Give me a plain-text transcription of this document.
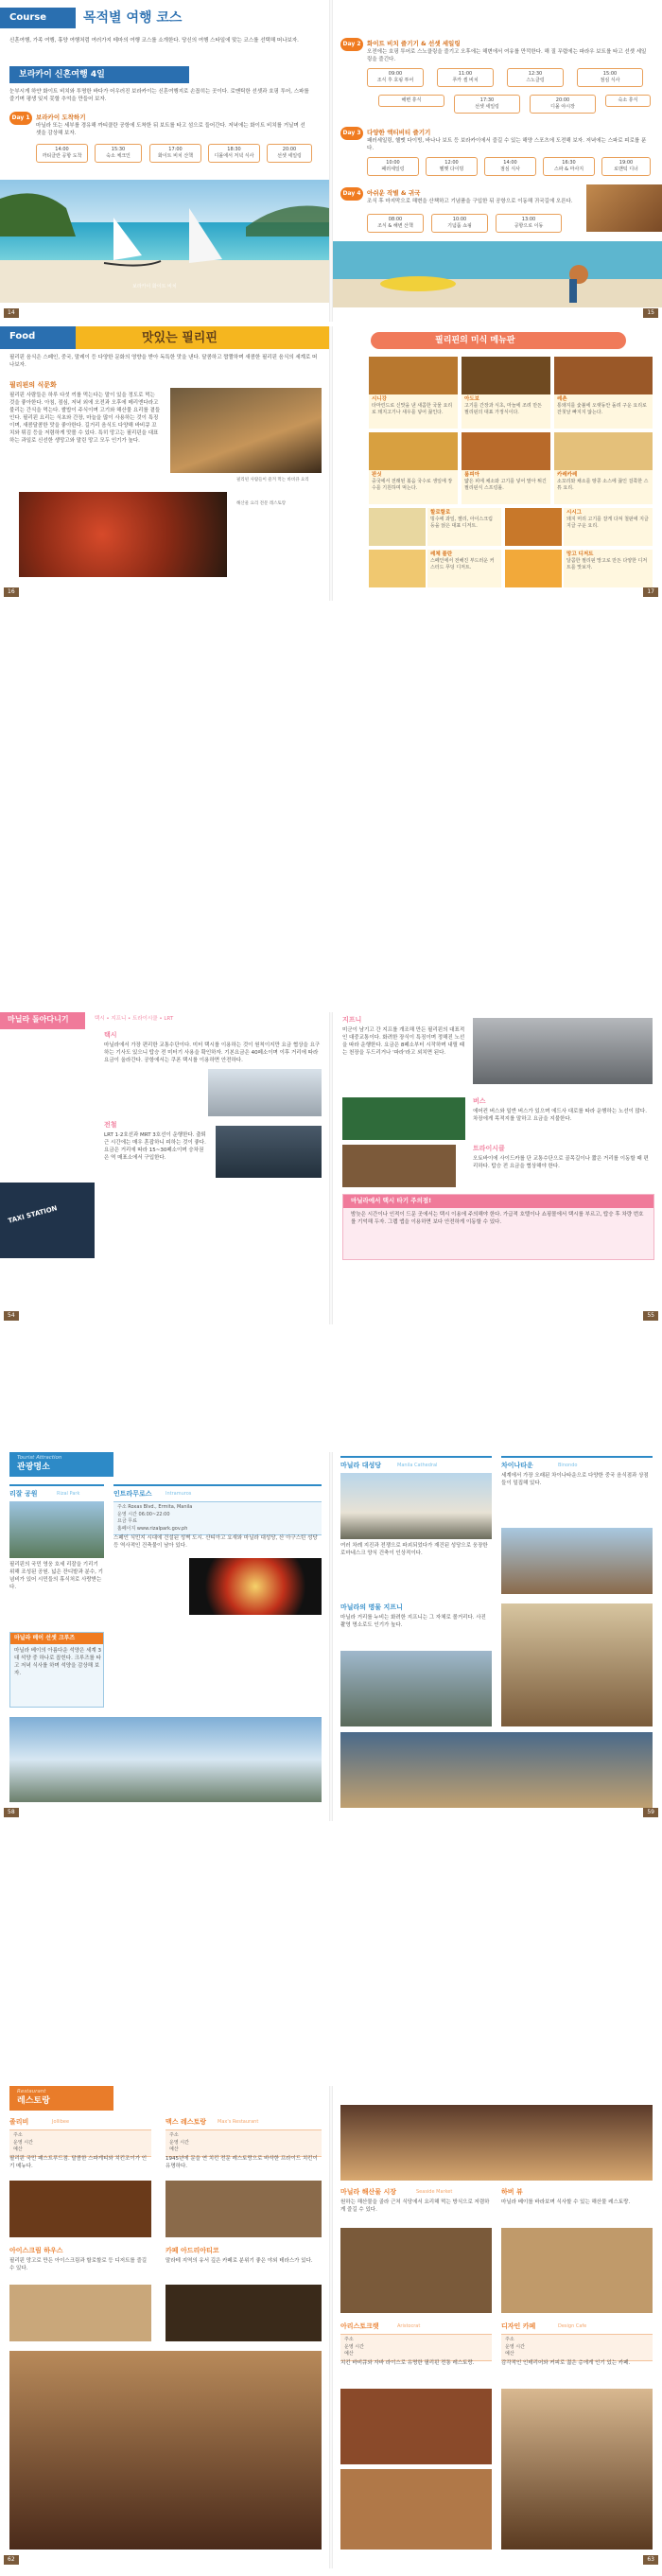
Course	목적별 여행 코스
신혼여행, 가족 여행, 휴양 여행처럼 여러가지 테마의 여행 코스를 소개한다. 당신의 여행 스타일에 맞는 코스를 선택해 떠나보자.
보라카이 신혼여행 4일
눈부시게 하얀 화이트 비치와 투명한 바다가 어우러진 보라카이는 신혼여행지로 손꼽히는 곳이다. 로맨틱한 선셋과 호핑 투어, 스파를 즐기며 평생 잊지 못할 추억을 만들어 보자.
Day 1 보라카이 도착하기
마닐라 또는 세부를 경유해 까티클란 공항에 도착한 뒤 보트를 타고 섬으로 들어간다. 저녁에는 화이트 비치를 거닐며 선셋을 감상해 보자.
14:00
까티클란 공항 도착
15:30
숙소 체크인
17:00
화이트 비치 산책
18:30
디몰에서 저녁 식사
20:00
선셋 세일링
보라카이 화이트 비치
14
Day 2 화이트 비치 즐기기 & 선셋 세일링
오전에는 호핑 투어로 스노클링을 즐기고 오후에는 해변에서 여유를 만끽한다. 해 질 무렵에는 파라우 보트를 타고 선셋 세일링을 즐긴다.
09:00
조식 후 호핑 투어
11:00
푸카 셸 비치
12:30
스노클링
15:00
점심 식사
해변 휴식	17:30
선셋 세일링
20:00
디몰 야시장
숙소 휴식
Day 3 다양한 액티비티 즐기기
패러세일링, 헬멧 다이빙, 바나나 보트 등 보라카이에서 즐길 수 있는 해양 스포츠에 도전해 보자. 저녁에는 스파로 피로를 푼다.
10:00
패러세일링
12:00
헬멧 다이빙
14:00
점심 식사
16:30
스파 & 마사지
19:00
로맨틱 디너
Day 4 아쉬운 작별 & 귀국
조식 후 마지막으로 해변을 산책하고 기념품을 구입한 뒤 공항으로 이동해 귀국길에 오른다.
08:00
조식 & 해변 산책
10:00
기념품 쇼핑
13:00
공항으로 이동
15
Food	맛있는 필리핀
필리핀 음식은 스페인, 중국, 말레이 등 다양한 문화의 영향을 받아 독특한 맛을 낸다. 달콤하고 짭짤하며 새콤한 필리핀 음식의 세계로 떠나보자.
필리핀의 식문화
필리핀 사람들은 하루 다섯 끼를 먹는다는 말이 있을 정도로 먹는 것을 좋아한다. 아침, 점심, 저녁 외에 오전과 오후에 메리엔다라고 불리는 간식을 먹는다. 쌀밥이 주식이며 고기와 해산물 요리를 곁들인다. 필리핀 요리는 식초와 간장, 마늘을 많이 사용하는 것이 특징이며, 새콤달콤한 맛을 좋아한다. 길거리 음식도 다양해 바비큐 꼬치와 튀김 등을 저렴하게 맛볼 수 있다. 특히 망고는 필리핀을 대표하는 과일로 신선한 생망고와 말린 망고 모두 인기가 높다.
필리핀 사람들이 즐겨 먹는 바비큐 요리
해산물 요리 전문 레스토랑
16
필리핀의 미식 메뉴판
시니강
타마린드로 신맛을 낸 새콤한 국물 요리로 돼지고기나 새우를 넣어 끓인다.
아도보
고기를 간장과 식초, 마늘에 조려 만든 필리핀의 대표 가정식이다.
레촌
통돼지를 숯불에 오랫동안 돌려 구운 요리로 잔칫날 빠지지 않는다.
판싯
중국에서 전래된 볶음 국수로 생일에 장수를 기원하며 먹는다.
룸피아
얇은 피에 채소와 고기를 넣어 말아 튀긴 필리핀식 스프링롤.
카레카레
소꼬리와 채소를 땅콩 소스에 끓인 걸쭉한 스튜 요리.
할로할로
빙수에 과일, 젤리, 아이스크림 등을 얹은 대표 디저트.
시시그
돼지 머리 고기를 잘게 다져 철판에 지글지글 구운 요리.
레체 플란
스페인에서 전해진 부드러운 커스터드 푸딩 디저트.
망고 디저트
달콤한 필리핀 망고로 만든 다양한 디저트를 맛보자.
17
마닐라 돌아다니기	택시 • 지프니 • 트라이시클 • LRT
택시
마닐라에서 가장 편리한 교통수단이다. 미터 택시를 이용하는 것이 원칙이지만 요금 협상을 요구하는 기사도 있으니 탑승 전 미터기 사용을 확인하자. 기본요금은 40페소이며 이후 거리에 따라 요금이 올라간다. 공항에서는 쿠폰 택시를 이용하면 안전하다.
전철
LRT 1·2호선과 MRT 3호선이 운행한다. 출퇴근 시간에는 매우 혼잡하니 피하는 것이 좋다. 요금은 거리에 따라 15~30페소이며 승차권은 역 매표소에서 구입한다.
TAXI STATION
54
지프니
미군이 남기고 간 지프를 개조해 만든 필리핀의 대표적인 대중교통이다. 화려한 장식이 특징이며 정해진 노선을 따라 운행한다. 요금은 8페소부터 시작하며 내릴 때는 천장을 두드리거나 '파라'라고 외치면 된다.
버스
에어컨 버스와 일반 버스가 있으며 에드사 대로를 따라 운행하는 노선이 많다. 차장에게 목적지를 말하고 요금을 지불한다.
트라이시클
오토바이에 사이드카를 단 교통수단으로 골목길이나 짧은 거리를 이동할 때 편리하다. 탑승 전 요금을 협상해야 한다.
마닐라에서 택시 타기 주의점!
밤늦은 시간이나 인적이 드문 곳에서는 택시 이용에 주의해야 한다. 가급적 호텔이나 쇼핑몰에서 택시를 부르고, 탑승 후 차량 번호를 기억해 두자. 그랩 앱을 이용하면 보다 안전하게 이동할 수 있다.
55
Tourist Attraction
관광명소
리잘 공원	Rizal Park
필리핀의 국민 영웅 호세 리잘을 기리기 위해 조성된 공원. 넓은 잔디밭과 분수, 기념비가 있어 시민들의 휴식처로 사랑받는다.
마닐라 베이 선셋 크루즈
마닐라 베이의 아름다운 석양은 세계 3대 석양 중 하나로 꼽힌다. 크루즈를 타고 저녁 식사를 하며 석양을 감상해 보자.
인트라무로스	Intramuros
주소 Roxas Blvd., Ermita, Manila
운영 시간 06:00~22:00
요금 무료
홈페이지 www.rizalpark.gov.ph
스페인 식민지 시대에 건설된 성벽 도시. 산티아고 요새와 마닐라 대성당, 산 아구스틴 성당 등 역사적인 건축물이 남아 있다.
58
마닐라 대성당	Manila Cathedral
여러 차례 지진과 전쟁으로 파괴되었다가 재건된 성당으로 웅장한 로마네스크 양식 건축이 인상적이다.
차이나타운	Binondo
세계에서 가장 오래된 차이나타운으로 다양한 중국 음식점과 상점들이 밀집해 있다.
마닐라의 명물 지프니
마닐라 거리를 누비는 화려한 지프니는 그 자체로 볼거리다. 사진 촬영 명소로도 인기가 높다.
59
Restaurant
레스토랑
졸리비	Jollibee
주소
운영 시간
예산
필리핀 국민 패스트푸드점. 달콤한 스파게티와 치킨조이가 인기 메뉴다.
맥스 레스토랑 Max's Restaurant
주소
운영 시간
예산
1945년에 문을 연 치킨 전문 레스토랑으로 바삭한 프라이드 치킨이 유명하다.
아이스크림 하우스
필리핀 망고로 만든 아이스크림과 할로할로 등 디저트를 즐길 수 있다.
카페 아드리아티코
말라테 지역의 유서 깊은 카페로 분위기 좋은 야외 테라스가 있다.
62
마닐라 해산물 시장	Seaside Market
원하는 해산물을 골라 근처 식당에서 요리해 먹는 방식으로 저렴하게 즐길 수 있다.
하버 뷰
마닐라 베이를 바라보며 식사할 수 있는 해산물 레스토랑.
아리스토크랫	Aristocrat
주소
운영 시간
예산
치킨 바비큐와 자바 라이스로 유명한 필리핀 전통 레스토랑.
디자인 카페	Design Cafe
주소
운영 시간
예산
감각적인 인테리어와 커피로 젊은 층에게 인기 있는 카페.
63
